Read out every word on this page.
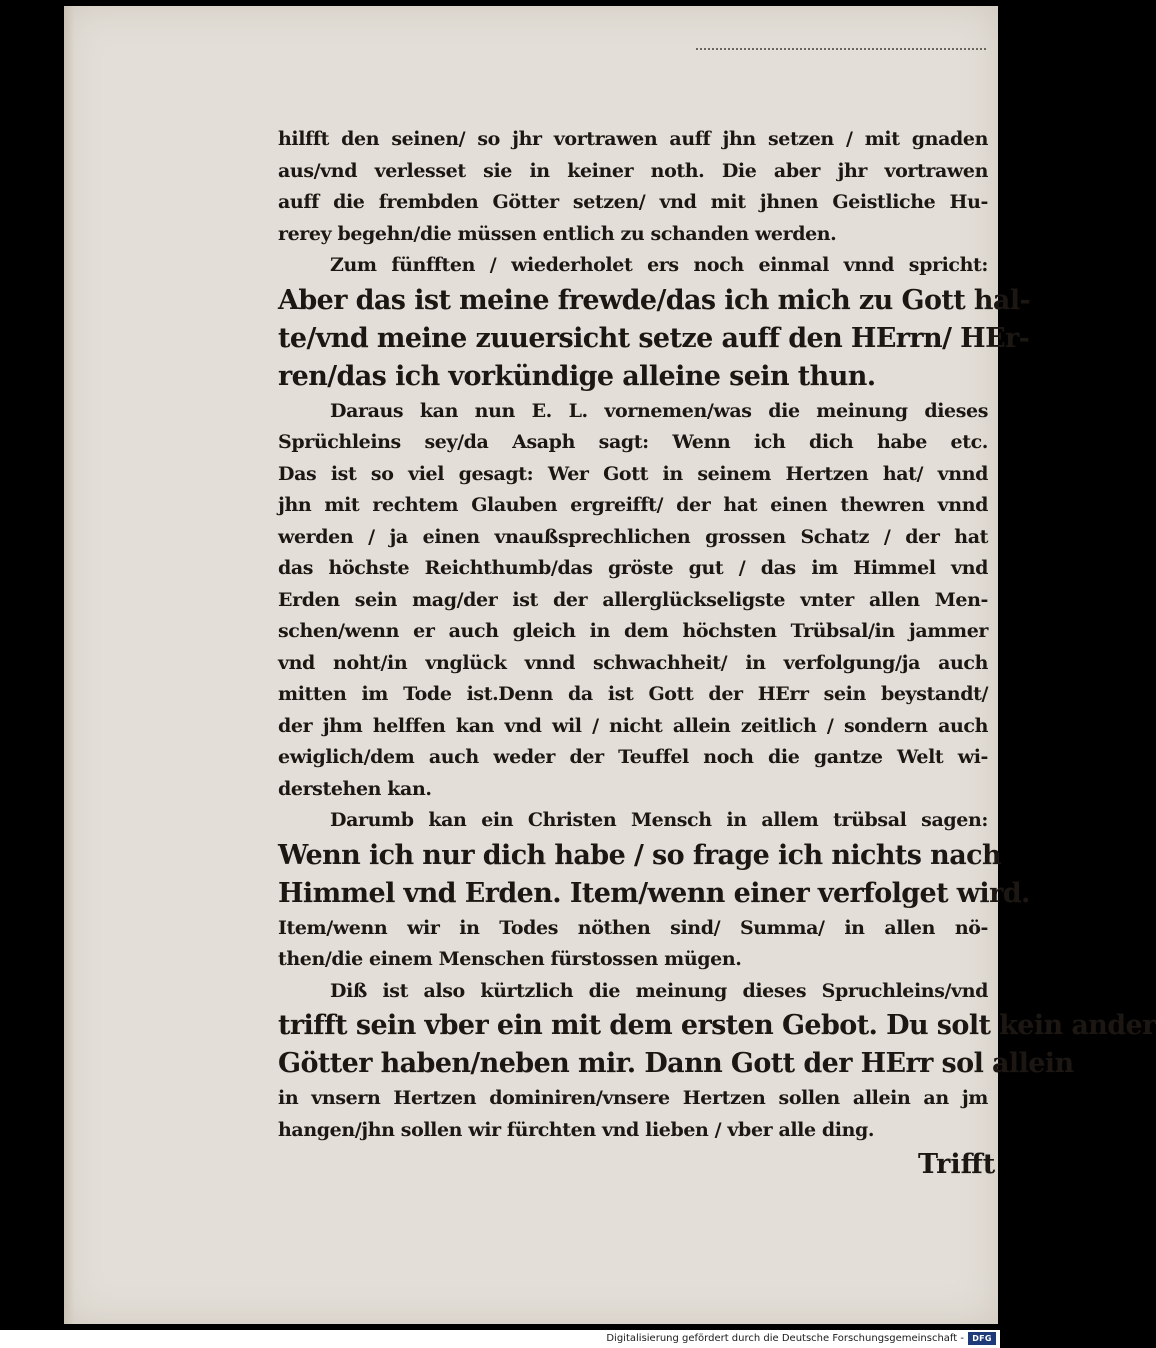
hilfft den seinen/ so jhr vortrawen auff jhn setzen / mit gnaden
aus/vnd verlesset sie in keiner noth. Die aber jhr vortrawen
auff die frembden Götter setzen/ vnd mit jhnen Geistliche Hu-
rerey begehn/die müssen entlich zu schanden werden.
Zum fünfften / wiederholet ers noch einmal vnnd spricht:
Aber das ist meine frewde/das ich mich zu Gott hal-
te/vnd meine zuuersicht setze auff den HErrn/ HEr-
ren/das ich vorkündige alleine sein thun.
Daraus kan nun E. L. vornemen/was die meinung dieses
Sprüchleins sey/da Asaph sagt: Wenn ich dich habe etc.
Das ist so viel gesagt: Wer Gott in seinem Hertzen hat/ vnnd
jhn mit rechtem Glauben ergreifft/ der hat einen thewren vnnd
werden / ja einen vnaußsprechlichen grossen Schatz / der hat
das höchste Reichthumb/das gröste gut / das im Himmel vnd
Erden sein mag/der ist der allerglückseligste vnter allen Men-
schen/wenn er auch gleich in dem höchsten Trübsal/in jammer
vnd noht/in vnglück vnnd schwachheit/ in verfolgung/ja auch
mitten im Tode ist.Denn da ist Gott der HErr sein beystandt/
der jhm helffen kan vnd wil / nicht allein zeitlich / sondern auch
ewiglich/dem auch weder der Teuffel noch die gantze Welt wi-
derstehen kan.
Darumb kan ein Christen Mensch in allem trübsal sagen:
Wenn ich nur dich habe / so frage ich nichts nach
Himmel vnd Erden. Item/wenn einer verfolget wird.
Item/wenn wir in Todes nöthen sind/ Summa/ in allen nö-
then/die einem Menschen fürstossen mügen.
Diß ist also kürtzlich die meinung dieses Spruchleins/vnd
trifft sein vber ein mit dem ersten Gebot. Du solt kein ander
Götter haben/neben mir. Dann Gott der HErr sol allein
in vnsern Hertzen dominiren/vnsere Hertzen sollen allein an jm
hangen/jhn sollen wir fürchten vnd lieben / vber alle ding.
Trifft
Digitalisierung gefördert durch die Deutsche Forschungsgemeinschaft -	DFG
